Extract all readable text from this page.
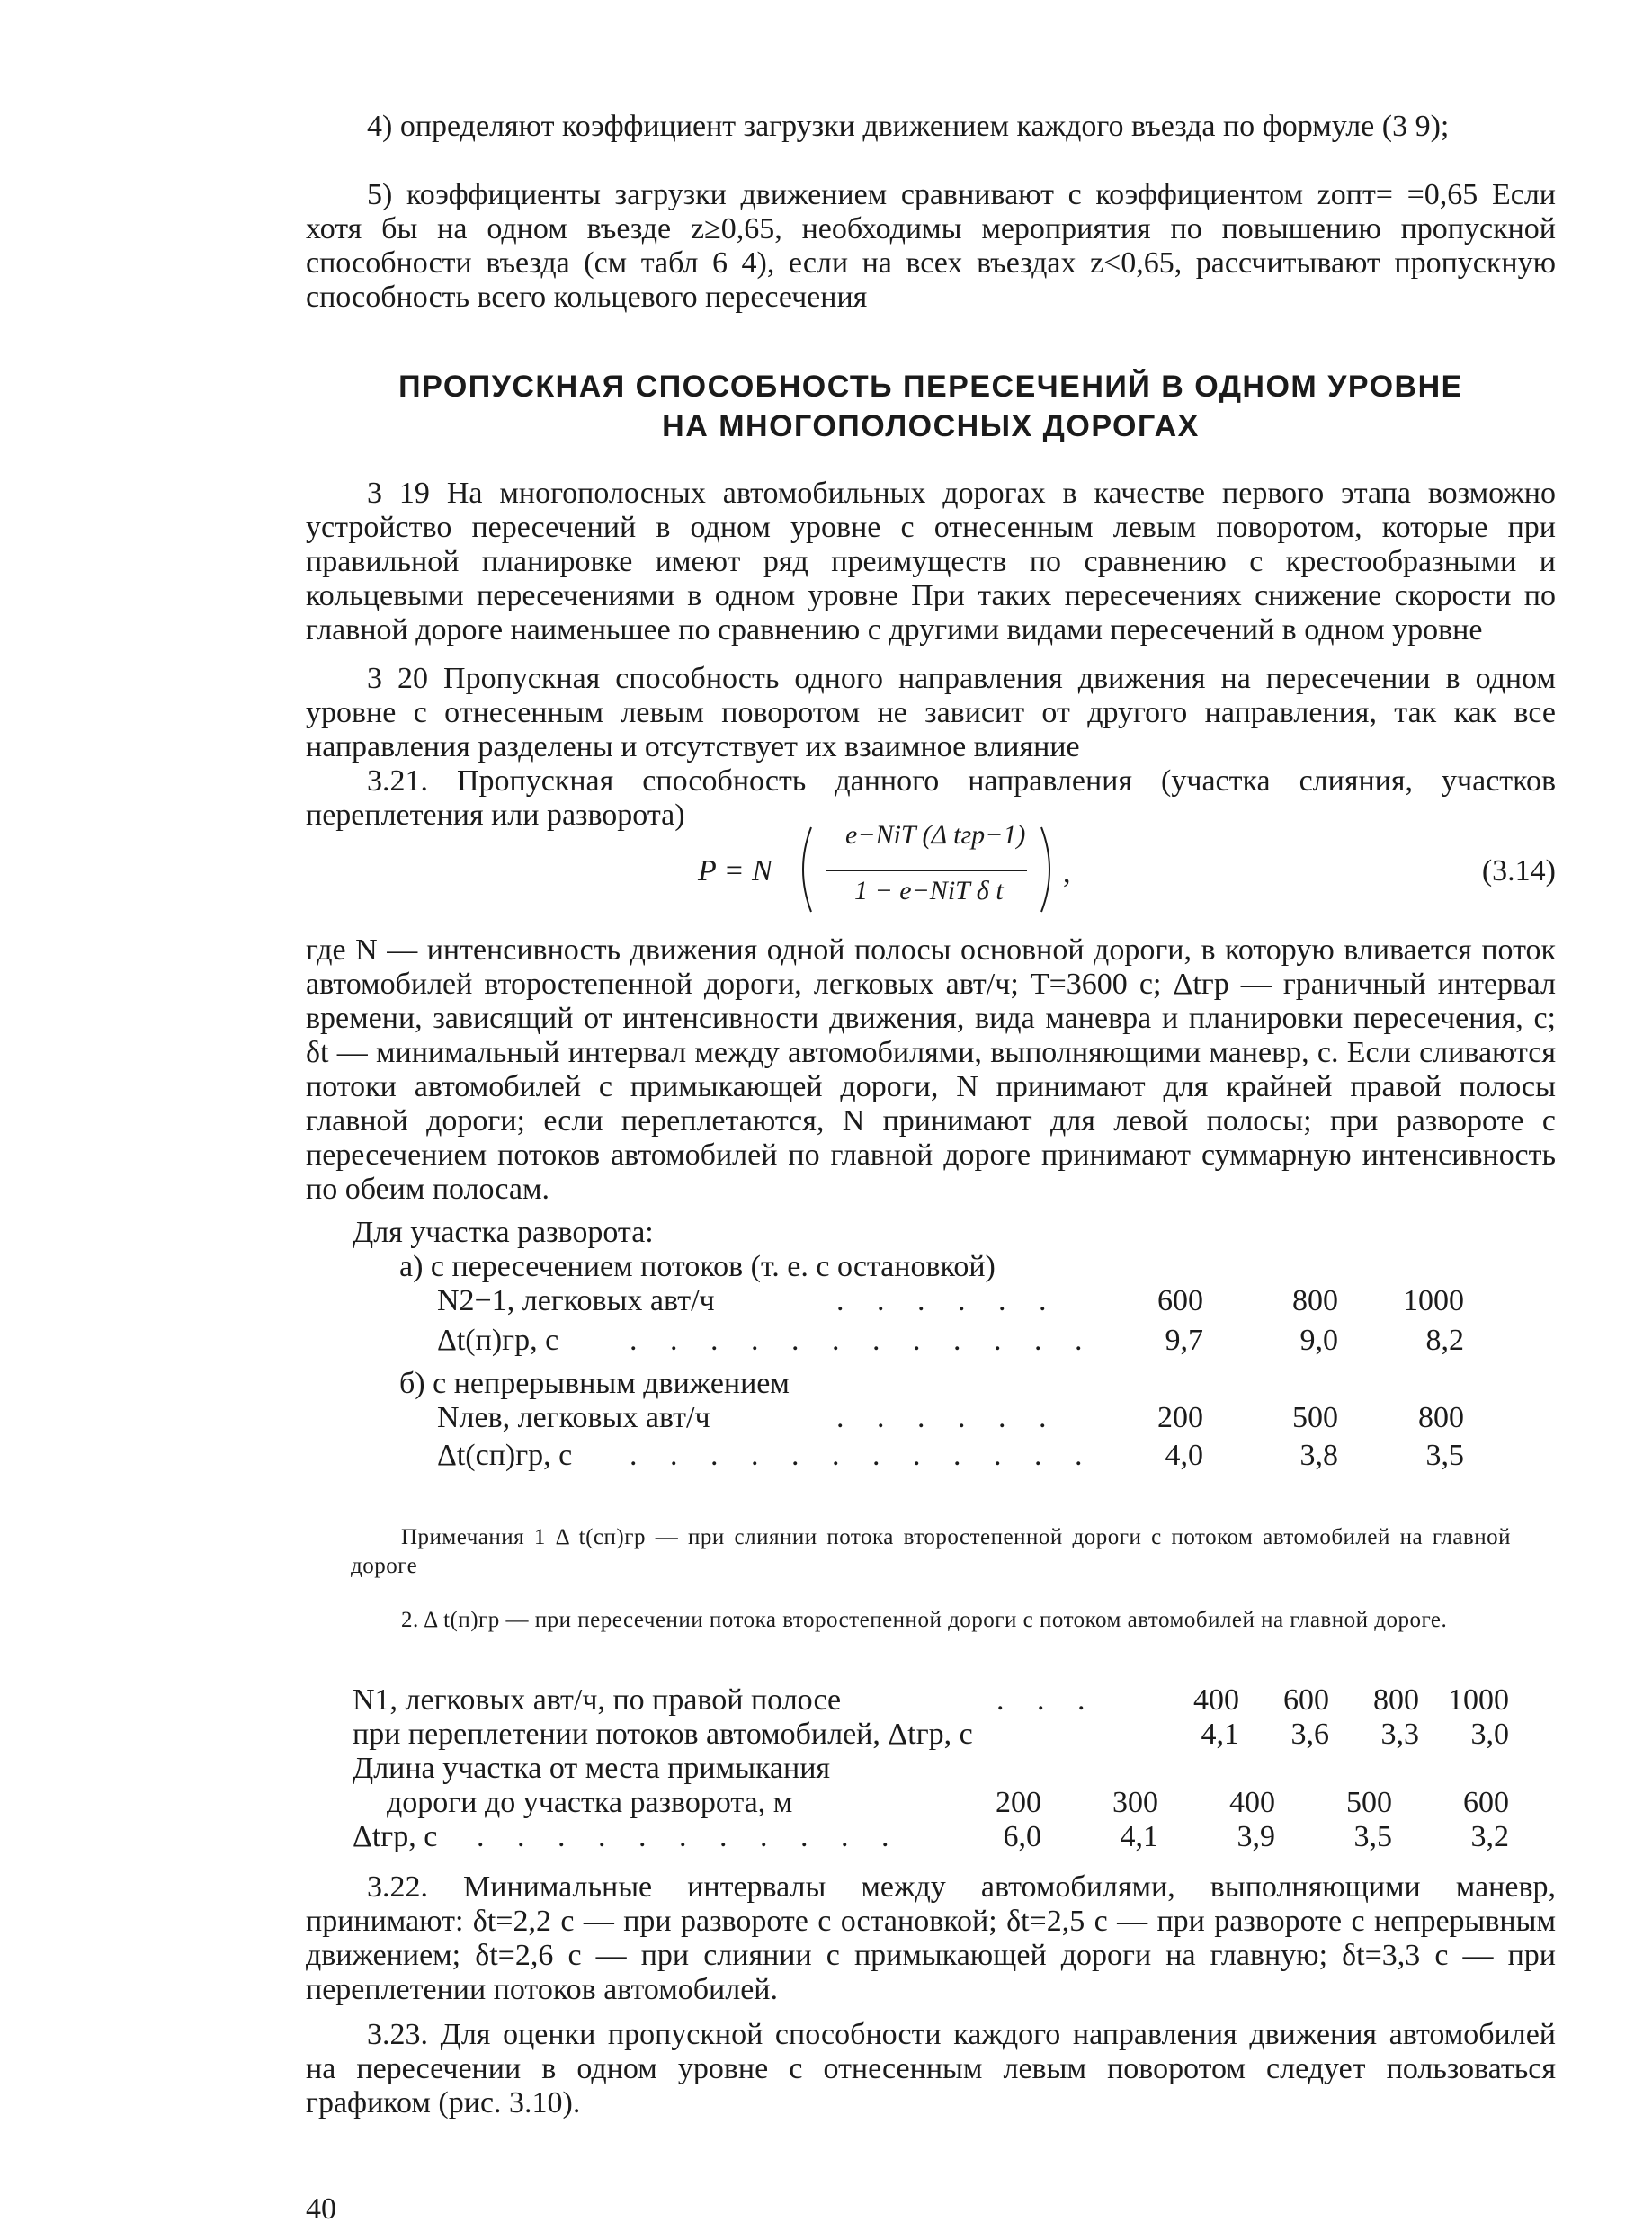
4) определяют коэффициент загрузки движением каждого въезда по формуле (3 9);

5) коэффициенты загрузки движением сравнивают с коэффициентом zопт= =0,65 Если хотя бы на одном въезде z≥0,65, необходимы мероприятия по повышению пропускной способности въезда (см табл 6 4), если на всех въездах z<0,65, рассчитывают пропускную способность всего кольцевого пересечения

ПРОПУСКНАЯ СПОСОБНОСТЬ ПЕРЕСЕЧЕНИЙ В ОДНОМ УРОВНЕ
НА МНОГОПОЛОСНЫХ ДОРОГАХ

3 19 На многополосных автомобильных дорогах в качестве первого этапа возможно устройство пересечений в одном уровне с отнесенным левым поворотом, которые при правильной планировке имеют ряд преимуществ по сравнению с крестообразными и кольцевыми пересечениями в одном уровне При таких пересечениях снижение скорости по главной дороге наименьшее по сравнению с другими видами пересечений в одном уровне

3 20 Пропускная способность одного направления движения на пересечении в одном уровне с отнесенным левым поворотом не зависит от другого направления, так как все направления разделены и отсутствует их взаимное влияние

3.21. Пропускная способность данного направления (участка слияния, участков переплетения или разворота)

P = N
e−NiT (Δ tгр−1)
1 − e−NiT δ t
,	(3.14)

где N — интенсивность движения одной полосы основной дороги, в которую вливается поток автомобилей второстепенной дороги, легковых авт/ч; T=3600 с; Δtгр — граничный интервал времени, зависящий от интенсивности движения, вида маневра и планировки пересечения, с; δt — минимальный интервал между автомобилями, выполняющими маневр, с. Если сливаются потоки автомобилей с примыкающей дороги, N принимают для крайней правой полосы главной дороги; если переплетаются, N принимают для левой полосы; при развороте с пересечением потоков автомобилей по главной дороге принимают суммарную интенсивность по обеим полосам.

Для участка разворота:
а) с пересечением потоков (т. е. с остановкой)
N2−1, легковых авт/ч	. . . . . .	600	800	1000
Δt(п)гр, с . . . . . . . . . . . .	9,7	9,0	8,2
б) с непрерывным движением
Nлев, легковых авт/ч	. . . . . .	200	500	800
Δt(сп)гр, с . . . . . . . . . . . .	4,0	3,8	3,5

Примечания 1 Δ t(сп)гр — при слиянии потока второстепенной дороги с потоком автомобилей на главной дороге

2. Δ t(п)гр — при пересечении потока второстепенной дороги с потоком автомобилей на главной дороге.

N1, легковых авт/ч, по правой полосе	. . .	400	600	800 1000
при переплетении потоков автомобилей, Δtгр, с	4,1	3,6	3,3	3,0
Длина участка от места примыкания
дороги до участка разворота, м	200	300	400	500	600
Δtгр, с . . . . . . . . . . .	6,0	4,1	3,9	3,5	3,2

3.22. Минимальные интервалы между автомобилями, выполняющими маневр, принимают: δt=2,2 с — при развороте с остановкой; δt=2,5 с — при развороте с непрерывным движением; δt=2,6 с — при слиянии с примыкающей дороги на главную; δt=3,3 с — при переплетении потоков автомобилей.

3.23. Для оценки пропускной способности каждого направления движения автомобилей на пересечении в одном уровне с отнесенным левым поворотом следует пользоваться графиком (рис. 3.10).

40
